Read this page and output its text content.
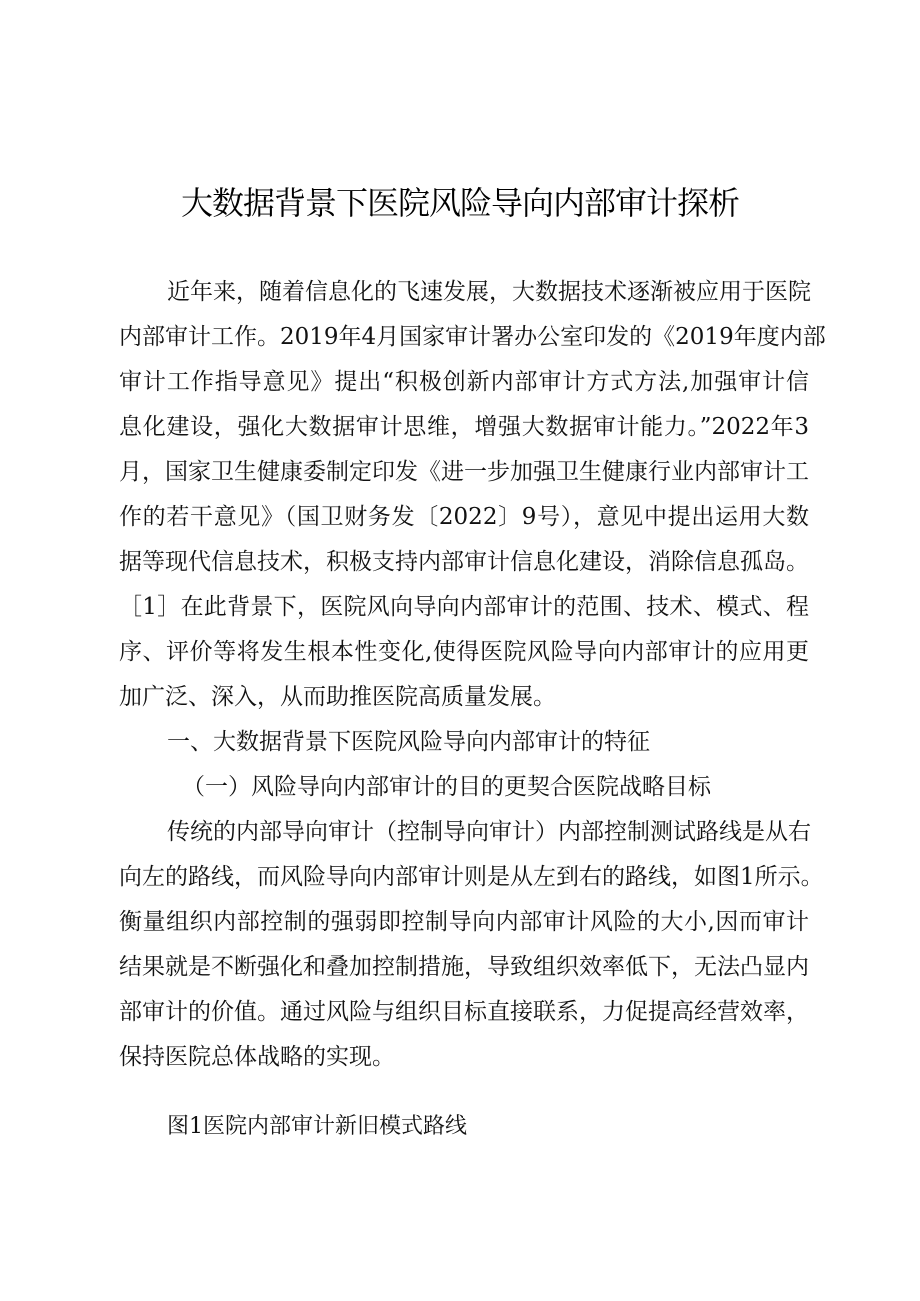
大数据背景下医院风险导向内部审计探析

近年来，随着信息化的飞速发展，大数据技术逐渐被应用于医院

内部审计工作。2019年4月国家审计署办公室印发的《2019年度内部

审计工作指导意见》提出“积极创新内部审计方式方法,加强审计信

息化建设，强化大数据审计思维，增强大数据审计能力。”2022年3

月，国家卫生健康委制定印发《进一步加强卫生健康行业内部审计工

作的若干意见》（国卫财务发〔2022〕9号），意见中提出运用大数

据等现代信息技术，积极支持内部审计信息化建设，消除信息孤岛。

［1］在此背景下，医院风向导向内部审计的范围、技术、模式、程

序、评价等将发生根本性变化,使得医院风险导向内部审计的应用更

加广泛、深入，从而助推医院高质量发展。

一、大数据背景下医院风险导向内部审计的特征

（一）风险导向内部审计的目的更契合医院战略目标

传统的内部导向审计（控制导向审计）内部控制测试路线是从右

向左的路线，而风险导向内部审计则是从左到右的路线，如图1所示。

衡量组织内部控制的强弱即控制导向内部审计风险的大小,因而审计

结果就是不断强化和叠加控制措施，导致组织效率低下，无法凸显内

部审计的价值。通过风险与组织目标直接联系，力促提高经营效率，

保持医院总体战略的实现。

图1医院内部审计新旧模式路线
